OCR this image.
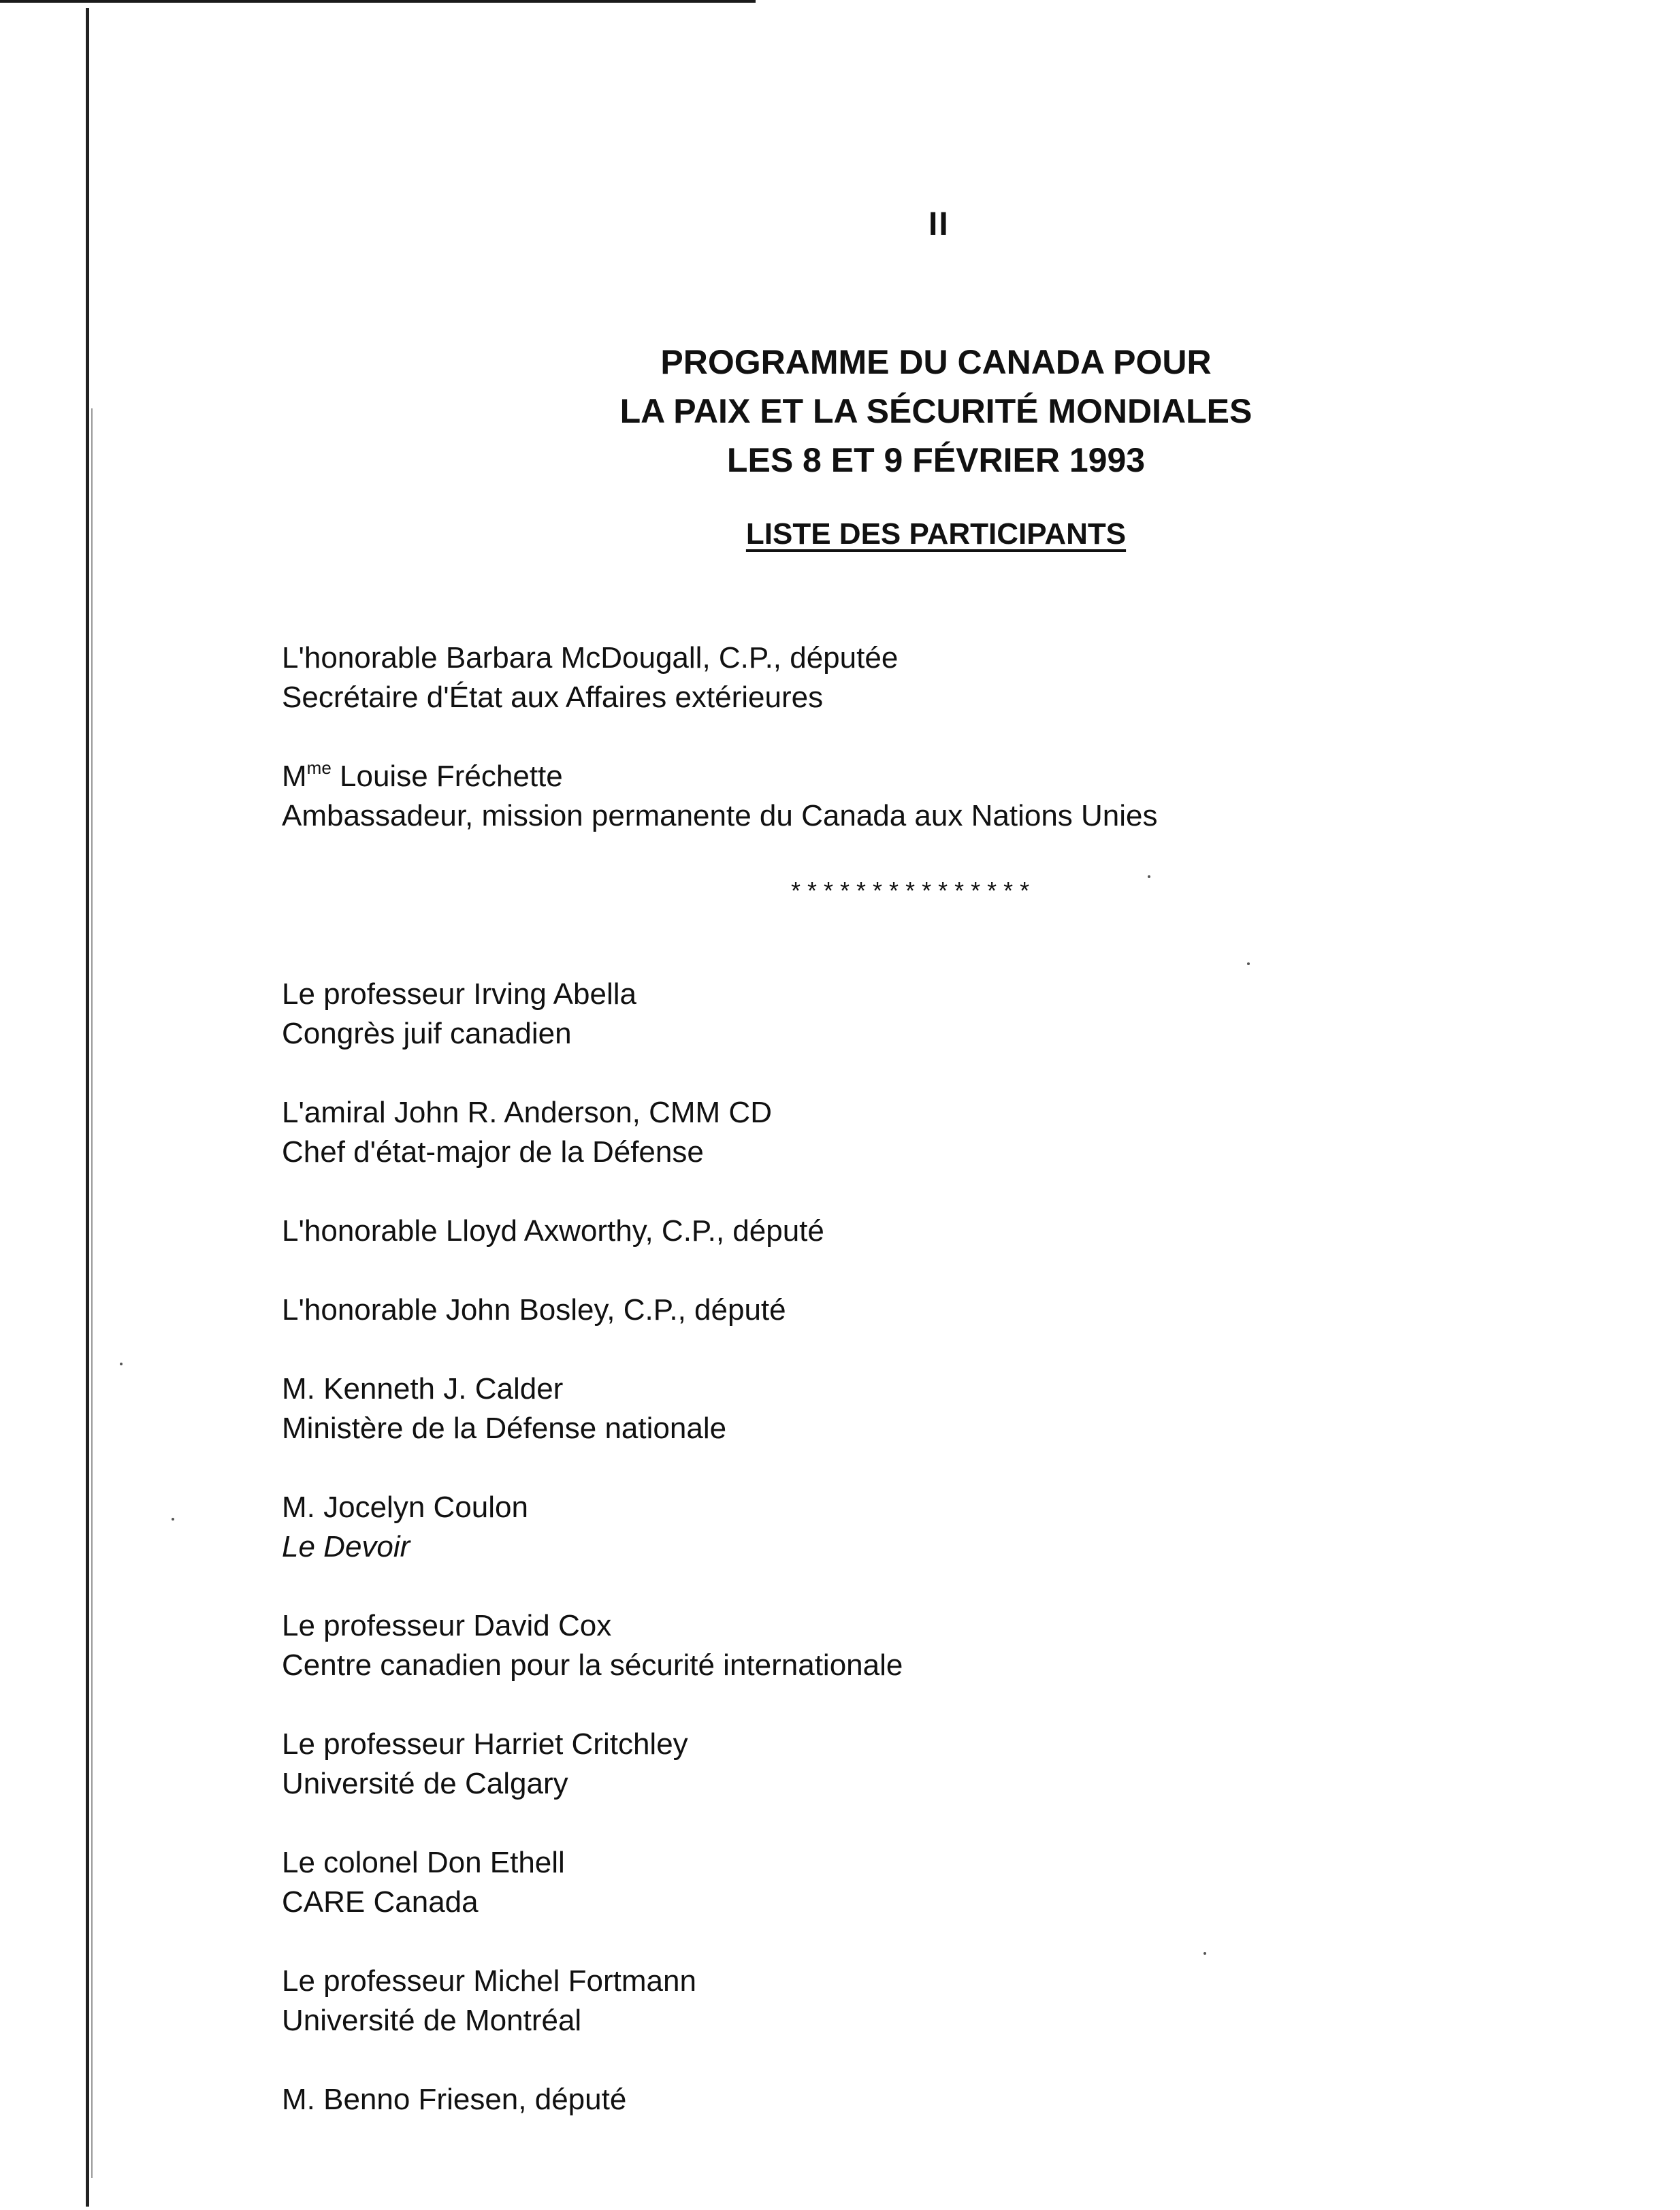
II
PROGRAMME DU CANADA POUR
LA PAIX ET LA SÉCURITÉ MONDIALES
LES 8 ET 9 FÉVRIER 1993
LISTE DES PARTICIPANTS
L'honorable Barbara McDougall, C.P., députée
Secrétaire d'État aux Affaires extérieures
$M^{me}$ Louise Fréchette
Ambassadeur, mission permanente du Canada aux Nations Unies
***************
Le professeur Irving Abella
Congrès juif canadien
L'amiral John R. Anderson, CMM CD
Chef d'état-major de la Défense
L'honorable Lloyd Axworthy, C.P., député
L'honorable John Bosley, C.P., député
M. Kenneth J. Calder
Ministère de la Défense nationale
M. Jocelyn Coulon
Le Devoir
Le professeur David Cox
Centre canadien pour la sécurité internationale
Le professeur Harriet Critchley
Université de Calgary
Le colonel Don Ethell
CARE Canada
Le professeur Michel Fortmann
Université de Montréal
M. Benno Friesen, député
